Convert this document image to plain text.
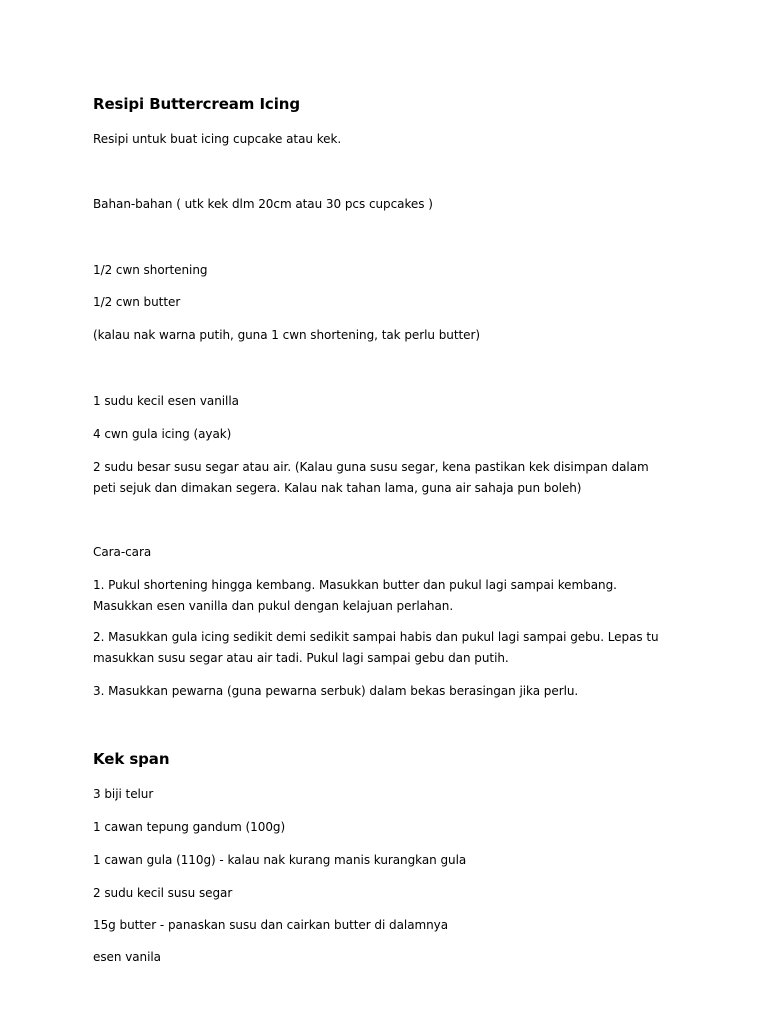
Resipi Buttercream Icing
Resipi untuk buat icing cupcake atau kek.
Bahan-bahan ( utk kek dlm 20cm atau 30 pcs cupcakes )
1/2 cwn shortening
1/2 cwn butter
(kalau nak warna putih, guna 1 cwn shortening, tak perlu butter)
1 sudu kecil esen vanilla
4 cwn gula icing (ayak)
2 sudu besar susu segar atau air. (Kalau guna susu segar, kena pastikan kek disimpan dalam peti sejuk dan dimakan segera. Kalau nak tahan lama, guna air sahaja pun boleh)
Cara-cara
1. Pukul shortening hingga kembang. Masukkan butter dan pukul lagi sampai kembang. Masukkan esen vanilla dan pukul dengan kelajuan perlahan.
2. Masukkan gula icing sedikit demi sedikit sampai habis dan pukul lagi sampai gebu. Lepas tu masukkan susu segar atau air tadi. Pukul lagi sampai gebu dan putih.
3. Masukkan pewarna (guna pewarna serbuk) dalam bekas berasingan jika perlu.
Kek span
3 biji telur
1 cawan tepung gandum (100g)
1 cawan gula (110g) - kalau nak kurang manis kurangkan gula
2 sudu kecil susu segar
15g butter - panaskan susu dan cairkan butter di dalamnya
esen vanila
